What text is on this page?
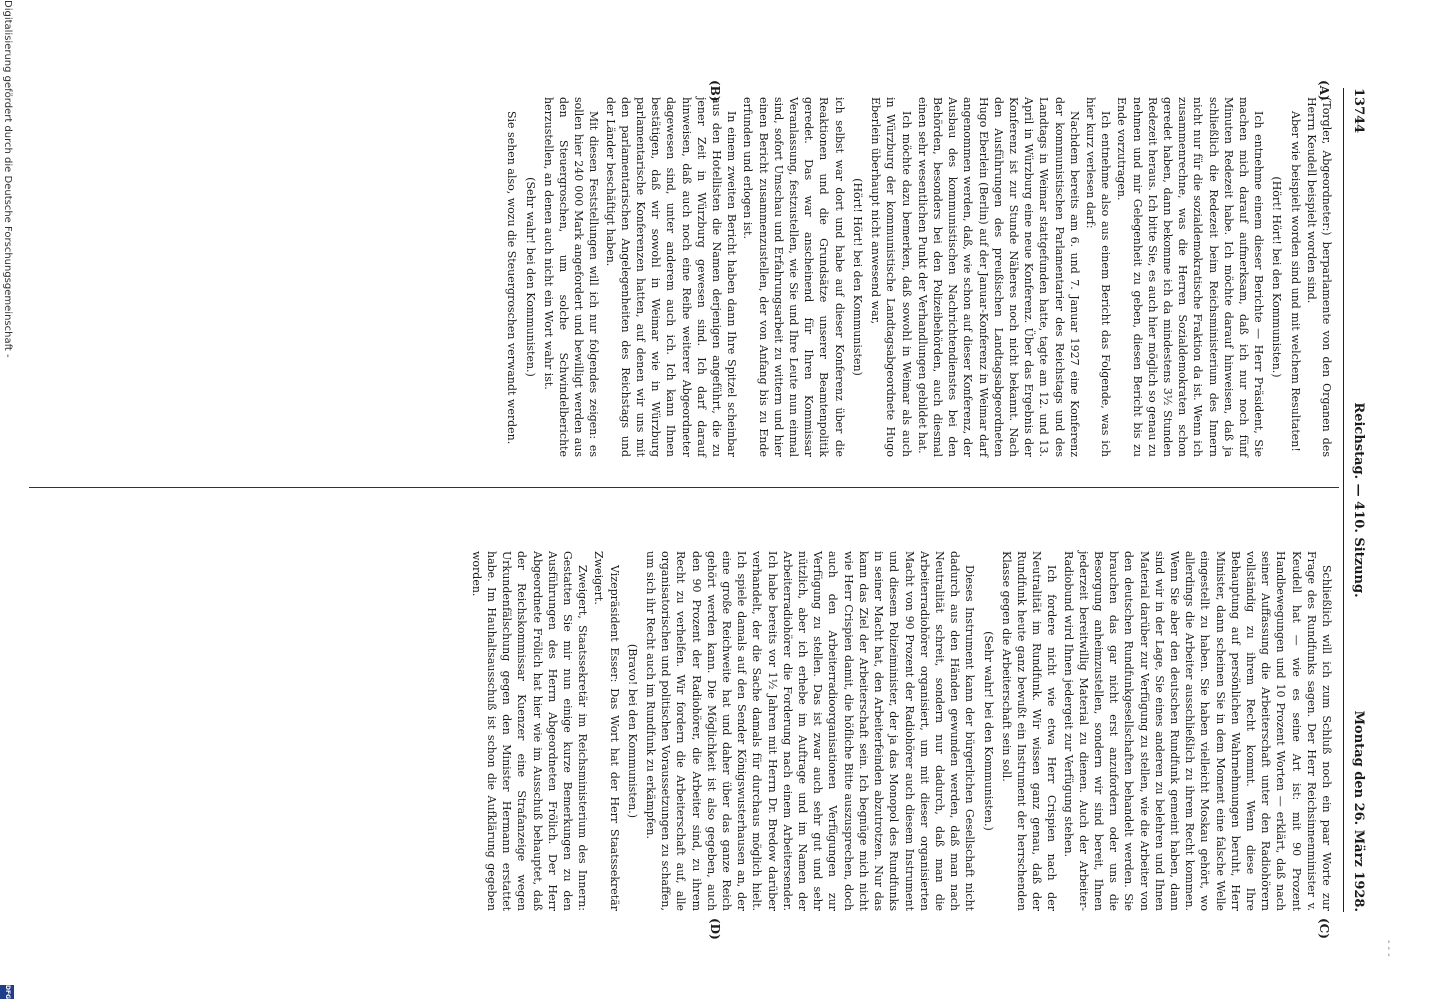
- - -
13744
Reichstag. — 410. Sitzung.
Montag den 26. März 1928.
(A)
(B)
(C)
(D)

(Torgler, Abgeordneter:) berparlamente von den Organen des Herrn Keudell beispielt worden sind.

Aber wie beispielt worden sind und mit welchem Resultaten!

(Hört! Hört! bei den Kommunisten.)

Ich entnehme einem dieser Berichte — Herr Präsident, Sie machen mich darauf aufmerksam, daß ich nur noch fünf Minuten Redezeit habe. Ich möchte darauf hinweisen, daß ja schließlich die Redezeit beim Reichsministerium des Innern nicht nur für die sozialdemokratische Fraktion da ist. Wenn ich zusammenrechne, was die Herren Sozialdemokraten schon geredet haben, dann bekomme ich da mindestens 3½ Stunden Redezeit heraus. Ich bitte Sie, es auch hier möglich so genau zu nehmen und mir Gelegenheit zu geben, diesen Bericht bis zu Ende vorzutragen.

Ich entnehme also aus einem Bericht das Folgende, was ich hier kurz verlesen darf:

Nachdem bereits am 6. und 7. Januar 1927 eine Konferenz der kommunistischen Parlamentarier des Reichstags und des Landtags in Weimar stattgefunden hatte, tagte am 12. und 13. April in Würzburg eine neue Konferenz. Über das Ergebnis der Konferenz ist zur Stunde Näheres noch nicht bekannt. Nach den Ausführungen des preußischen Landtagsabgeordneten Hugo Eberlein (Berlin) auf der Januar-Konferenz in Weimar darf angenommen werden, daß, wie schon auf dieser Konferenz, der Ausbau des kommunistischen Nachrichtendienstes bei den Behörden, besonders bei den Polizeibehörden, auch diesmal einen sehr wesentlichen Punkt der Verhandlungen gebildet hat.

Ich möchte dazu bemerken, daß sowohl in Weimar als auch in Würzburg der kommunistische Landtagsabgeordnete Hugo Eberlein überhaupt nicht anwesend war,

(Hört! Hört! bei den Kommunisten)

ich selbst war dort und habe auf dieser Konferenz über die Reaktionen und die Grundsätze unserer Beamtenpolitik geredet. Das war anscheinend für Ihren Kommissar Veranlassung, festzustellen, wie Sie und Ihre Leute nun einmal sind, sofort Umschau und Erfahrungsarbeit zu wittern und hier einen Bericht zusammenzustellen, der von Anfang bis zu Ende erfunden und erlogen ist.

In einem zweiten Bericht haben dann Ihre Spitzel scheinbar aus den Hotellisten die Namen derjenigen angeführt, die zu jener Zeit in Würzburg gewesen sind. Ich darf darauf hinweisen, daß auch noch eine Reihe weiterer Abgeordneter dagewesen sind, unter anderem auch ich. Ich kann Ihnen bestätigen, daß wir sowohl in Weimar wie in Würzburg parlamentarische Konferenzen hatten, auf denen wir uns mit den parlamentarischen Angelegenheiten des Reichstags und der Länder beschäftigt haben.

Mit diesen Feststellungen will ich nur folgendes zeigen: es sollen hier 240 000 Mark angefordert und bewilligt werden aus den Steuergroschen, um solche Schwindelberichte herzustellen, an denen auch nicht ein Wort wahr ist.

(Sehr wahr! bei den Kommunisten.)

Sie sehen also, wozu die Steuergroschen verwandt werden.

Schließlich will ich zum Schluß noch ein paar Worte zur Frage des Rundfunks sagen. Der Herr Reichsinnenminister v. Keudell hat — wie es seine Art ist: mit 90 Prozent Handbewegungen und 10 Prozent Worten — erklärt, daß nach seiner Auffassung die Arbeiterschaft unter den Radiohörern vollständig zu ihrem Recht kommt. Wenn diese Ihre Behauptung auf persönlichen Wahrnehmungen beruht, Herr Minister, dann scheinen Sie in dem Moment eine falsche Welle eingestellt zu haben. Sie haben vielleicht Moskau gehört, wo allerdings die Arbeiter ausschließlich zu ihrem Recht kommen. Wenn Sie aber den deutschen Rundfunk gemeint haben, dann sind wir in der Lage, Sie eines anderen zu belehren und Ihnen Material darüber zur Verfügung zu stellen, wie die Arbeiter von den deutschen Rundfunkgesellschaften behandelt werden. Sie brauchen das gar nicht erst anzufordern oder uns die Besorgung anheimzustellen, sondern wir sind bereit, Ihnen jederzeit bereitwillig Material zu dienen. Auch der Arbeiter-Radiobund wird Ihnen jedergeit zur Verfügung stehen.

Ich fordere nicht wie etwa Herr Crispien nach der Neutralität im Rundfunk. Wir wissen ganz genau, daß der Rundfunk heute ganz bewußt ein Instrument der herrschenden Klasse gegen die Arbeiterschaft sein soll.

(Sehr wahr! bei den Kommunisten.)

Dieses Instrument kann der bürgerlichen Gesellschaft nicht dadurch aus den Händen gewunden werden, daß man nach Neutralität schreit, sondern nur dadurch, daß man die Arbeiterradiohörer organisiert, um mit dieser organisierten Macht von 90 Prozent der Radiohörer auch diesem Instrument und diesem Polizeiminister, der ja das Monopol des Rundfunks in seiner Macht hat, den Arbeiterfeinden abzutrotzen. Nur das kann das Ziel der Arbeiterschaft sein. Ich begnüge mich nicht wie Herr Crispien damit, die höfliche Bitte auszusprechen, doch auch den Arbeiterradioorganisationen Verfügungen zur Verfügung zu stellen. Das ist zwar auch sehr gut und sehr nützlich, aber ich erhebe im Auftrage und im Namen der Arbeiterradiohörer die Forderung nach einem Arbeitersender. Ich habe bereits vor 1½ Jahren mit Herrn Dr. Bredow darüber verhandelt, der die Sache damals für durchaus möglich hielt. Ich spiele damals auf den Sender Königswusterhausen an, der eine große Reichweite hat und daher über das ganze Reich gehört werden kann. Die Möglichkeit ist also gegeben, auch den 90 Prozent der Radiohörer, die Arbeiter sind, zu ihrem Recht zu verhelfen. Wir fordern die Arbeiterschaft auf, alle organisatorischen und politischen Voraussetzungen zu schaffen, um sich ihr Recht auch im Rundfunk zu erkämpfen.

(Bravo! bei den Kommunisten.)

Vizepräsident Esser: Das Wort hat der Herr Staatssekretär Zweigert.

Zweigert, Staatssekretär im Reichsministerium des Innern: Gestatten Sie mir nun einige kurze Bemerkungen zu den Ausführungen des Herrn Abgeordneten Frölich. Der Herr Abgeordnete Frölich hat hier wie im Ausschuß behauptet, daß der Reichskommissar Kuenzer eine Strafanzeige wegen Urkundenfälschung gegen den Minister Hermann erstattet habe. Im Hauhaltsausschuß ist schon die Aufklärung gegeben worden.

Digitalisierung gefördert durch die Deutsche Forschungsgemeinschaft -
DFG
